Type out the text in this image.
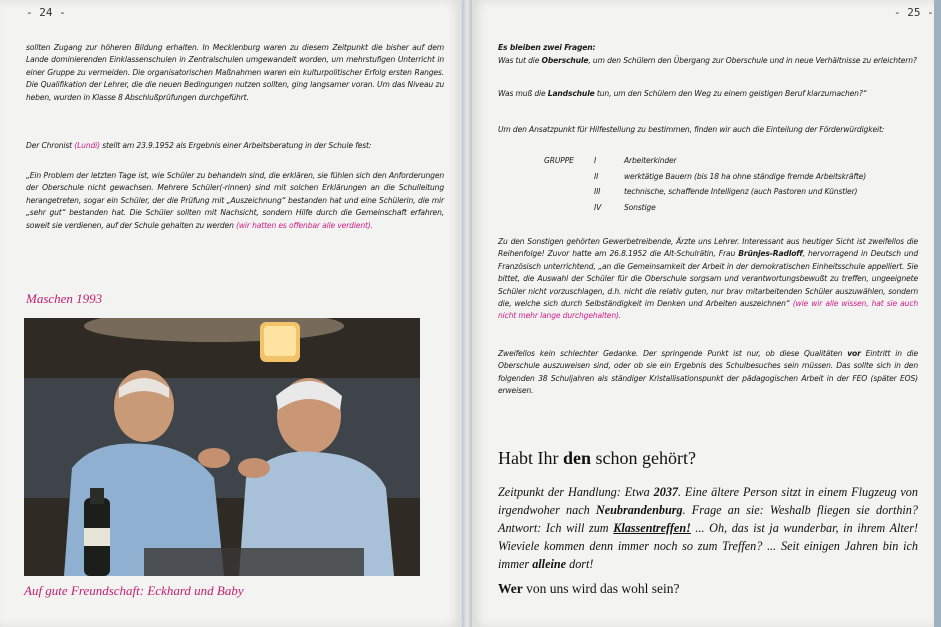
- 24 -

sollten Zugang zur höheren Bildung erhalten. In Mecklenburg waren zu diesem Zeitpunkt die bisher auf dem Lande dominierenden Einklassenschulen in Zentralschulen umgewandelt worden, um mehrstufigen Unterricht in einer Gruppe zu vermeiden. Die organisatorischen Maßnahmen waren ein kulturpolitischer Erfolg ersten Ranges. Die Qualifikation der Lehrer, die die neuen Bedingungen nutzen sollten, ging langsamer voran. Um das Niveau zu heben, wurden in Klasse 8 Abschlußprüfungen durchgeführt.

Der Chronist (Lundi) stellt am 23.9.1952 als Ergebnis einer Arbeitsberatung in der Schule fest:

„Ein Problem der letzten Tage ist, wie Schüler zu behandeln sind, die erklären, sie fühlen sich den Anforderungen der Oberschule nicht gewachsen. Mehrere Schüler(-rinnen) sind mit solchen Erklärungen an die Schulleitung herangetreten, sogar ein Schüler, der die Prüfung mit „Auszeichnung“ bestanden hat und eine Schülerin, die mir „sehr gut“ bestanden hat. Die Schüler sollten mit Nachsicht, sondern Hilfe durch die Gemeinschaft erfahren, soweit sie verdienen, auf der Schule gehalten zu werden (wir hatten es offenbar alle verdient).

Maschen 1993
Auf gute Freundschaft: Eckhard und Baby
- 25 -
Es bleiben zwei Fragen:

Was tut die Oberschule, um den Schülern den Übergang zur Oberschule und in neue Verhältnisse zu erleichtern?

Was muß die Landschule tun, um den Schülern den Weg zu einem geistigen Beruf klarzumachen?“

Um den Ansatzpunkt für Hilfestellung zu bestimmen, finden wir auch die Einteilung der Förderwürdigkeit:

GRUPPE	I	Arbeiterkinder
II	werktätige Bauern (bis 18 ha ohne ständige fremde Arbeitskräfte)
III	technische, schaffende Intelligenz (auch Pastoren und Künstler)
IV	Sonstige

Zu den Sonstigen gehörten Gewerbetreibende, Ärzte uns Lehrer. Interessant aus heutiger Sicht ist zweifellos die Reihenfolge! Zuvor hatte am 26.8.1952 die Alt-Schulrätin, Frau Brünjes-Radloff, hervorragend in Deutsch und Französisch unterrichtend, „an die Gemeinsamkeit der Arbeit in der demokratischen Einheitsschule appelliert. Sie bittet, die Auswahl der Schüler für die Oberschule sorgsam und verantwortungsbewußt zu treffen, ungeeignete Schüler nicht vorzuschlagen, d.h. nicht die relativ guten, nur brav mitarbeitenden Schüler auszuwählen, sondern die, welche sich durch Selbständigkeit im Denken und Arbeiten auszeichnen“ (wie wir alle wissen, hat sie auch nicht mehr lange durchgehalten).

Zweifellos kein schlechter Gedanke. Der springende Punkt ist nur, ob diese Qualitäten vor Eintritt in die Oberschule auszuweisen sind, oder ob sie ein Ergebnis des Schulbesuches sein müssen. Das sollte sich in den folgenden 38 Schuljahren als ständiger Kristallisationspunkt der pädagogischen Arbeit in der FEO (später EOS) erweisen.

Habt Ihr den schon gehört?

Zeitpunkt der Handlung: Etwa 2037. Eine ältere Person sitzt in einem Flugzeug von irgendwoher nach Neubrandenburg. Frage an sie: Weshalb fliegen sie dorthin? Antwort: Ich will zum Klassentreffen! ... Oh, das ist ja wunderbar, in ihrem Alter! Wieviele kommen denn immer noch so zum Treffen? ... Seit einigen Jahren bin ich immer alleine dort!

Wer von uns wird das wohl sein?
